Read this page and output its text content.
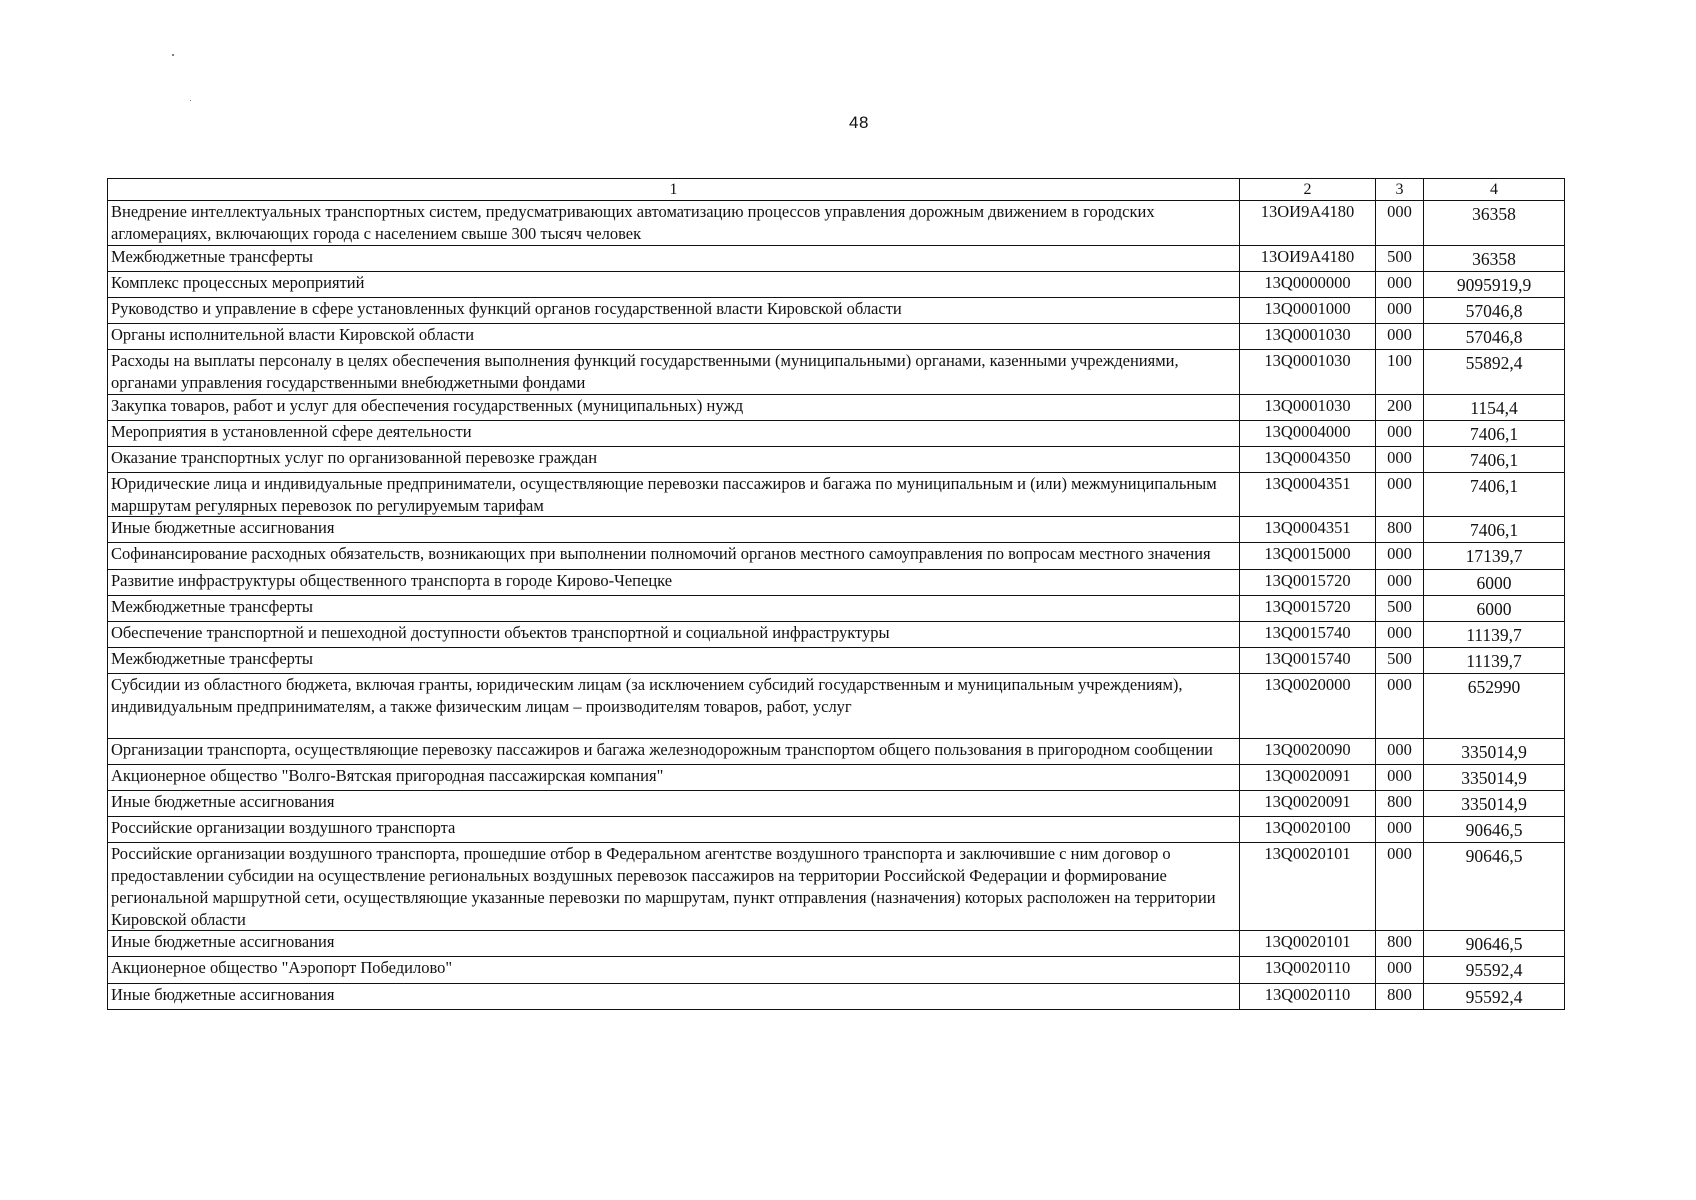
48
1	2	3	4
Внедрение интеллектуальных транспортных систем, предусматривающих автоматизацию процессов управления дорожным движением в городских агломерациях, включающих города с населением свыше 300 тысяч человек	13ОИ9А4180	000	36358
Межбюджетные трансферты	13ОИ9А4180	500	36358
Комплекс процессных мероприятий	13Q0000000	000	9095919,9
Руководство и управление в сфере установленных функций органов государственной власти Кировской области	13Q0001000	000	57046,8
Органы исполнительной власти Кировской области	13Q0001030	000	57046,8
Расходы на выплаты персоналу в целях обеспечения выполнения функций государственными (муниципальными) органами, казенными учреждениями, органами управления государственными внебюджетными фондами	13Q0001030	100	55892,4
Закупка товаров, работ и услуг для обеспечения государственных (муниципальных) нужд	13Q0001030	200	1154,4
Мероприятия в установленной сфере деятельности	13Q0004000	000	7406,1
Оказание транспортных услуг по организованной перевозке граждан	13Q0004350	000	7406,1
Юридические лица и индивидуальные предприниматели, осуществляющие перевозки пассажиров и багажа по муниципальным и (или) межмуниципальным маршрутам регулярных перевозок по регулируемым тарифам	13Q0004351	000	7406,1
Иные бюджетные ассигнования	13Q0004351	800	7406,1
Софинансирование расходных обязательств, возникающих при выполнении полномочий органов местного самоуправления по вопросам местного значения	13Q0015000	000	17139,7
Развитие инфраструктуры общественного транспорта в городе Кирово-Чепецке	13Q0015720	000	6000
Межбюджетные трансферты	13Q0015720	500	6000
Обеспечение транспортной и пешеходной доступности объектов транспортной и социальной инфраструктуры	13Q0015740	000	11139,7
Межбюджетные трансферты	13Q0015740	500	11139,7
Субсидии из областного бюджета, включая гранты, юридическим лицам (за исключением субсидий государственным и муниципальным учреждениям), индивидуальным предпринимателям, а также физическим лицам – производителям товаров, работ, услуг	13Q0020000	000	652990
Организации транспорта, осуществляющие перевозку пассажиров и багажа железнодорожным транспортом общего пользования в пригородном сообщении	13Q0020090	000	335014,9
Акционерное общество "Волго-Вятская пригородная пассажирская компания"	13Q0020091	000	335014,9
Иные бюджетные ассигнования	13Q0020091	800	335014,9
Российские организации воздушного транспорта	13Q0020100	000	90646,5
Российские организации воздушного транспорта, прошедшие отбор в Федеральном агентстве воздушного транспорта и заключившие с ним договор о предоставлении субсидии на осуществление региональных воздушных перевозок пассажиров на территории Российской Федерации и формирование региональной маршрутной сети, осуществляющие указанные перевозки по маршрутам, пункт отправления (назначения) которых расположен на территории Кировской области	13Q0020101	000	90646,5
Иные бюджетные ассигнования	13Q0020101	800	90646,5
Акционерное общество "Аэропорт Победилово"	13Q0020110	000	95592,4
Иные бюджетные ассигнования	13Q0020110	800	95592,4
